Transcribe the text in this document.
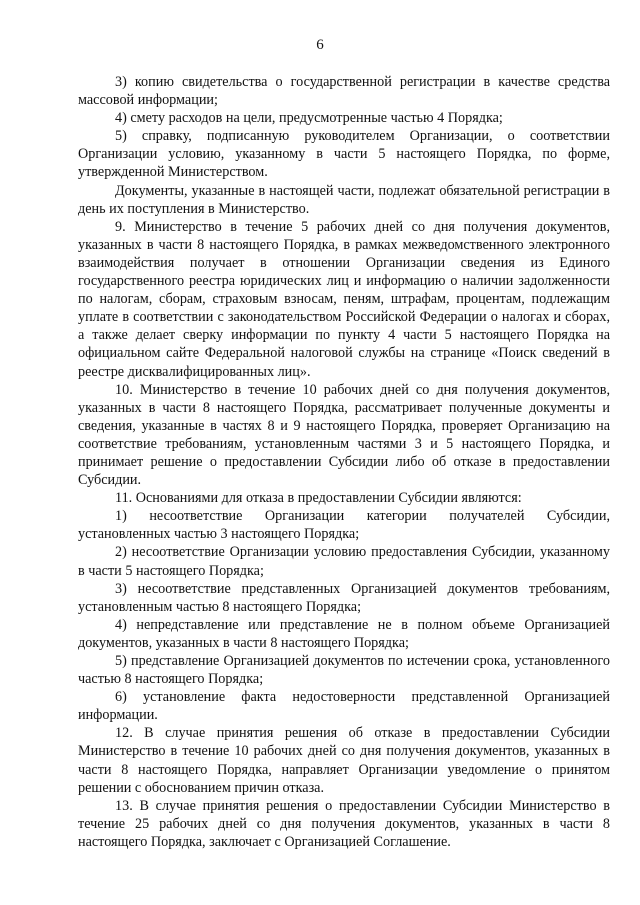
6

3) копию свидетельства о государственной регистрации в качестве средства массовой информации;

4) смету расходов на цели, предусмотренные частью 4 Порядка;

5) справку, подписанную руководителем Организации, о соответствии Организации условию, указанному в части 5 настоящего Порядка, по форме, утвержденной Министерством.

Документы, указанные в настоящей части, подлежат обязательной регистрации в день их поступления в Министерство.

9. Министерство в течение 5 рабочих дней со дня получения документов, указанных в части 8 настоящего Порядка, в рамках межведомственного электронного взаимодействия получает в отношении Организации сведения из Единого государственного реестра юридических лиц и информацию о наличии задолженности по налогам, сборам, страховым взносам, пеням, штрафам, процентам, подлежащим уплате в соответствии с законодательством Российской Федерации о налогах и сборах, а также делает сверку информации по пункту 4 части 5 настоящего Порядка на официальном сайте Федеральной налоговой службы на странице «Поиск сведений в реестре дисквалифицированных лиц».

10. Министерство в течение 10 рабочих дней со дня получения документов, указанных в части 8 настоящего Порядка, рассматривает полученные документы и сведения, указанные в частях 8 и 9 настоящего Порядка, проверяет Организацию на соответствие требованиям, установленным частями 3 и 5 настоящего Порядка, и принимает решение о предоставлении Субсидии либо об отказе в предоставлении Субсидии.

11. Основаниями для отказа в предоставлении Субсидии являются:

1) несоответствие Организации категории получателей Субсидии, установленных частью 3 настоящего Порядка;

2) несоответствие Организации условию предоставления Субсидии, указанному в части 5 настоящего Порядка;

3) несоответствие представленных Организацией документов требованиям, установленным частью 8 настоящего Порядка;

4) непредставление или представление не в полном объеме Организацией документов, указанных в части 8 настоящего Порядка;

5) представление Организацией документов по истечении срока, установленного частью 8 настоящего Порядка;

6) установление факта недостоверности представленной Организацией информации.

12. В случае принятия решения об отказе в предоставлении Субсидии Министерство в течение 10 рабочих дней со дня получения документов, указанных в части 8 настоящего Порядка, направляет Организации уведомление о принятом решении с обоснованием причин отказа.

13. В случае принятия решения о предоставлении Субсидии Министерство в течение 25 рабочих дней со дня получения документов, указанных в части 8 настоящего Порядка, заключает с Организацией Соглашение.
